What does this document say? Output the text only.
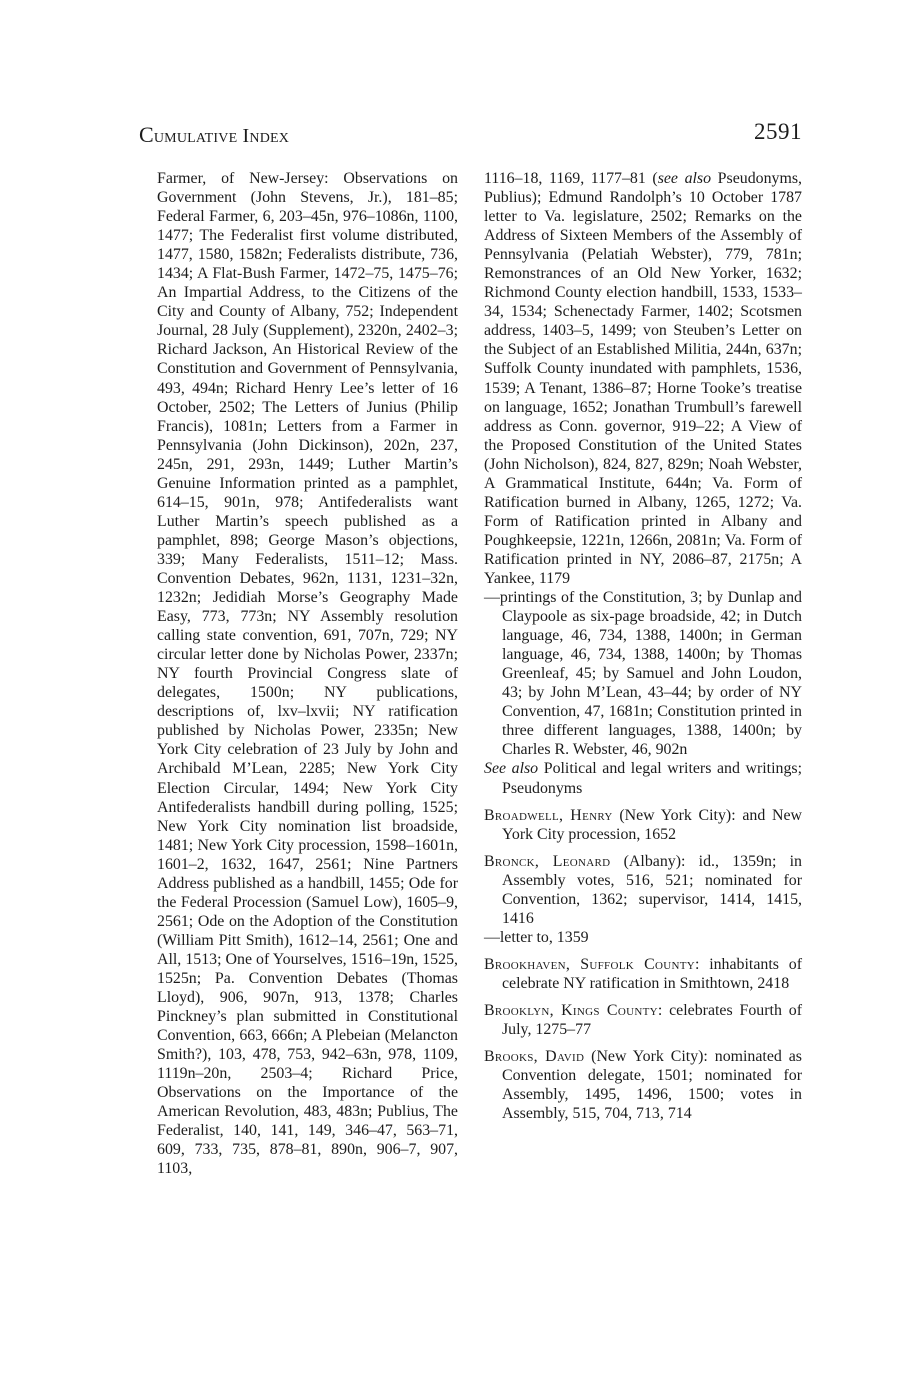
Cumulative Index	2591

Farmer, of New-Jersey: Observations on Government (John Stevens, Jr.), 181–85; Federal Farmer, 6, 203–45n, 976–1086n, 1100, 1477; The Federalist first volume distributed, 1477, 1580, 1582n; Federalists distribute, 736, 1434; A Flat-Bush Farmer, 1472–75, 1475–76; An Impartial Address, to the Citizens of the City and County of Albany, 752; Independent Journal, 28 July (Supplement), 2320n, 2402–3; Richard Jackson, An Historical Review of the Constitution and Government of Pennsylvania, 493, 494n; Richard Henry Lee’s letter of 16 October, 2502; The Letters of Junius (Philip Francis), 1081n; Letters from a Farmer in Pennsylvania (John Dickinson), 202n, 237, 245n, 291, 293n, 1449; Luther Martin’s Genuine Information printed as a pamphlet, 614–15, 901n, 978; Antifederalists want Luther Martin’s speech published as a pamphlet, 898; George Mason’s objections, 339; Many Federalists, 1511–12; Mass. Convention Debates, 962n, 1131, 1231–32n, 1232n; Jedidiah Morse’s Geography Made Easy, 773, 773n; NY Assembly resolution calling state convention, 691, 707n, 729; NY circular letter done by Nicholas Power, 2337n; NY fourth Provincial Congress slate of delegates, 1500n; NY publications, descriptions of, lxv–lxvii; NY ratification published by Nicholas Power, 2335n; New York City celebration of 23 July by John and Archibald M’Lean, 2285; New York City Election Circular, 1494; New York City Antifederalists handbill during polling, 1525; New York City nomination list broadside, 1481; New York City procession, 1598–1601n, 1601–2, 1632, 1647, 2561; Nine Partners Address published as a handbill, 1455; Ode for the Federal Procession (Samuel Low), 1605–9, 2561; Ode on the Adoption of the Constitution (William Pitt Smith), 1612–14, 2561; One and All, 1513; One of Yourselves, 1516–19n, 1525, 1525n; Pa. Convention Debates (Thomas Lloyd), 906, 907n, 913, 1378; Charles Pinckney’s plan submitted in Constitutional Convention, 663, 666n; A Plebeian (Melancton Smith?), 103, 478, 753, 942–63n, 978, 1109, 1119n–20n, 2503–4; Richard Price, Observations on the Importance of the American Revolution, 483, 483n; Publius, The Federalist, 140, 141, 149, 346–47, 563–71, 609, 733, 735, 878–81, 890n, 906–7, 907, 1103,

1116–18, 1169, 1177–81 (see also Pseudonyms, Publius); Edmund Randolph’s 10 October 1787 letter to Va. legislature, 2502; Remarks on the Address of Sixteen Members of the Assembly of Pennsylvania (Pelatiah Webster), 779, 781n; Remonstrances of an Old New Yorker, 1632; Richmond County election handbill, 1533, 1533–34, 1534; Schenectady Farmer, 1402; Scotsmen address, 1403–5, 1499; von Steuben’s Letter on the Subject of an Established Militia, 244n, 637n; Suffolk County inundated with pamphlets, 1536, 1539; A Tenant, 1386–87; Horne Tooke’s treatise on language, 1652; Jonathan Trumbull’s farewell address as Conn. governor, 919–22; A View of the Proposed Constitution of the United States (John Nicholson), 824, 827, 829n; Noah Webster, A Grammatical Institute, 644n; Va. Form of Ratification burned in Albany, 1265, 1272; Va. Form of Ratification printed in Albany and Poughkeepsie, 1221n, 1266n, 2081n; Va. Form of Ratification printed in NY, 2086–87, 2175n; A Yankee, 1179

—printings of the Constitution, 3; by Dunlap and Claypoole as six-page broadside, 42; in Dutch language, 46, 734, 1388, 1400n; in German language, 46, 734, 1388, 1400n; by Thomas Greenleaf, 45; by Samuel and John Loudon, 43; by John M’Lean, 43–44; by order of NY Convention, 47, 1681n; Constitution printed in three different languages, 1388, 1400n; by Charles R. Webster, 46, 902n

See also Political and legal writers and writings; Pseudonyms

Broadwell, Henry (New York City): and New York City procession, 1652

Bronck, Leonard (Albany): id., 1359n; in Assembly votes, 516, 521; nominated for Convention, 1362; supervisor, 1414, 1415, 1416

—letter to, 1359

Brookhaven, Suffolk County: inhabitants of celebrate NY ratification in Smithtown, 2418

Brooklyn, Kings County: celebrates Fourth of July, 1275–77

Brooks, David (New York City): nominated as Convention delegate, 1501; nominated for Assembly, 1495, 1496, 1500; votes in Assembly, 515, 704, 713, 714
